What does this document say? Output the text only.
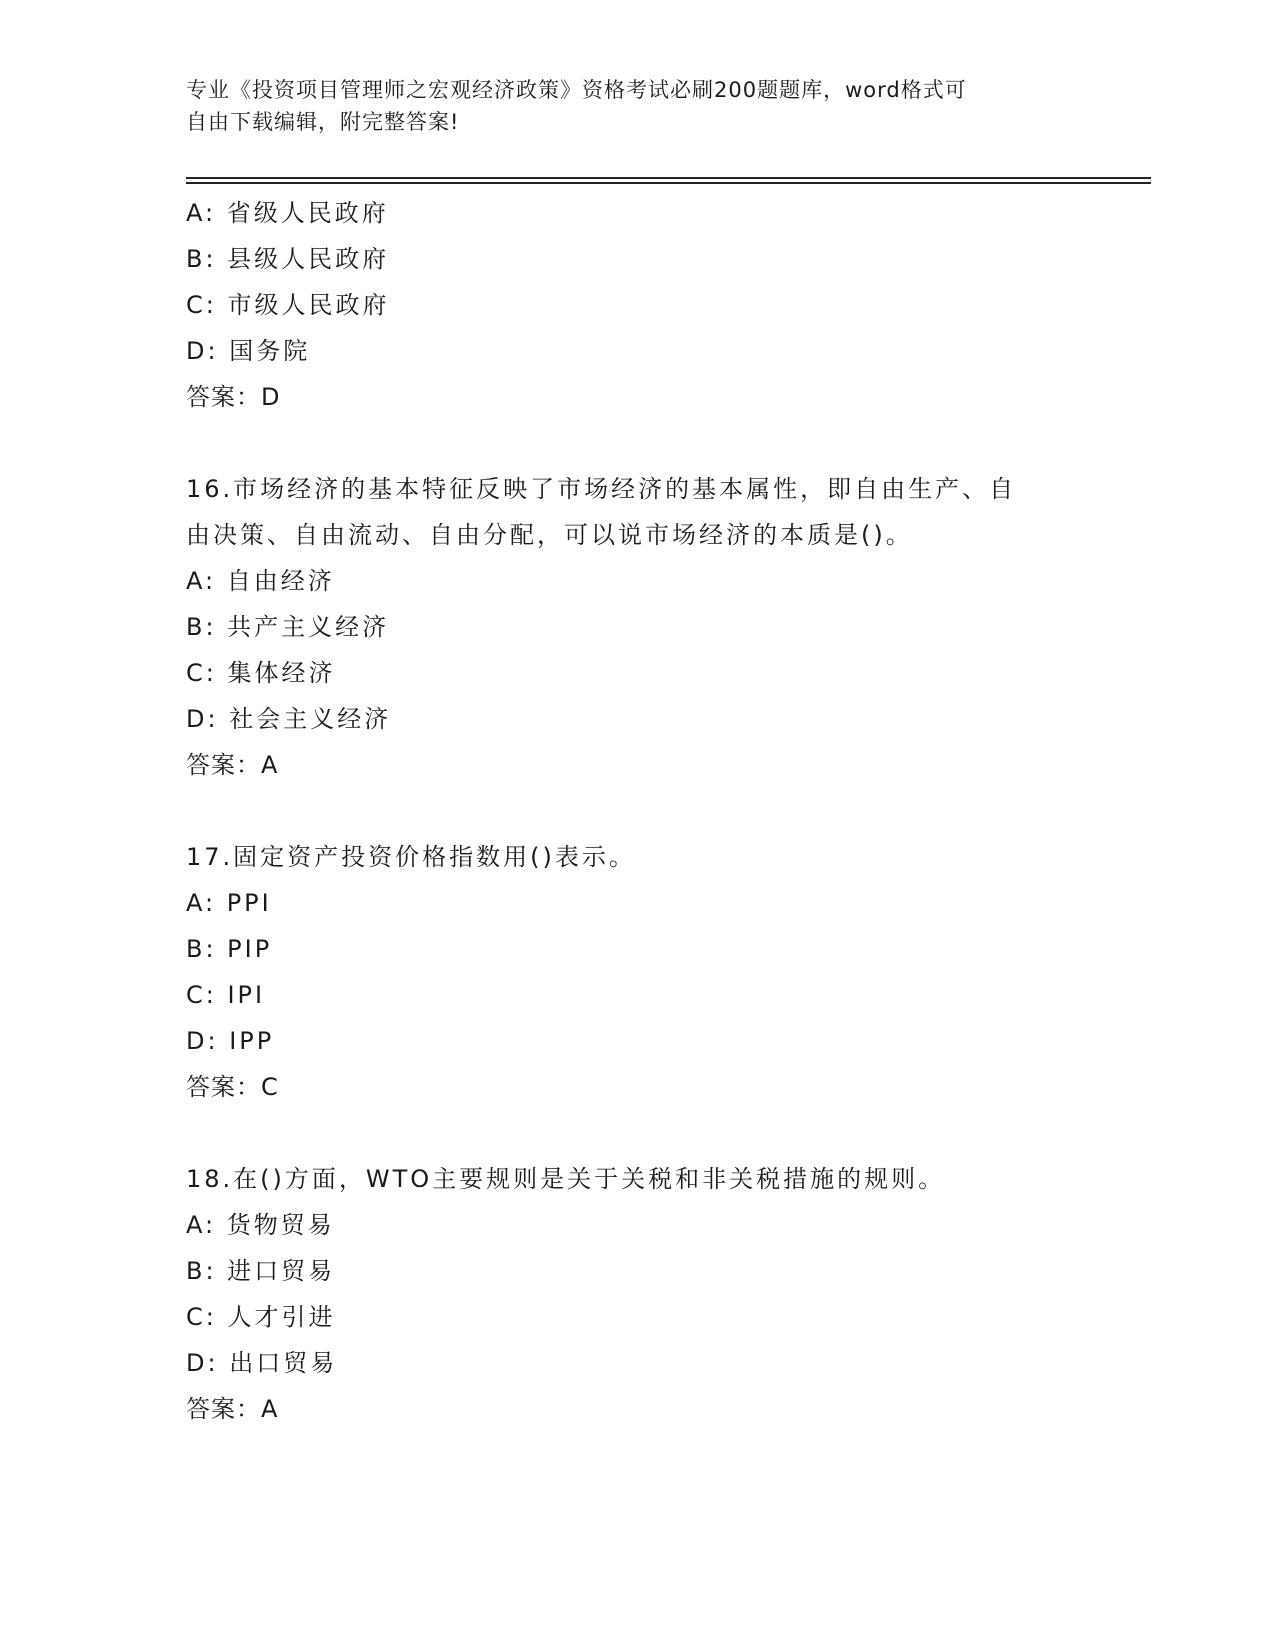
专业《投资项目管理师之宏观经济政策》资格考试必刷200题题库，word格式可
自由下载编辑，附完整答案!
A: 省级人民政府
B: 县级人民政府
C: 市级人民政府
D: 国务院
答案：D
16.市场经济的基本特征反映了市场经济的基本属性，即自由生产、自
由决策、自由流动、自由分配，可以说市场经济的本质是()。
A: 自由经济
B: 共产主义经济
C: 集体经济
D: 社会主义经济
答案：A
17.固定资产投资价格指数用()表示。
A: PPI
B: PIP
C: IPI
D: IPP
答案：C
18.在()方面，WTO主要规则是关于关税和非关税措施的规则。
A: 货物贸易
B: 进口贸易
C: 人才引进
D: 出口贸易
答案：A
